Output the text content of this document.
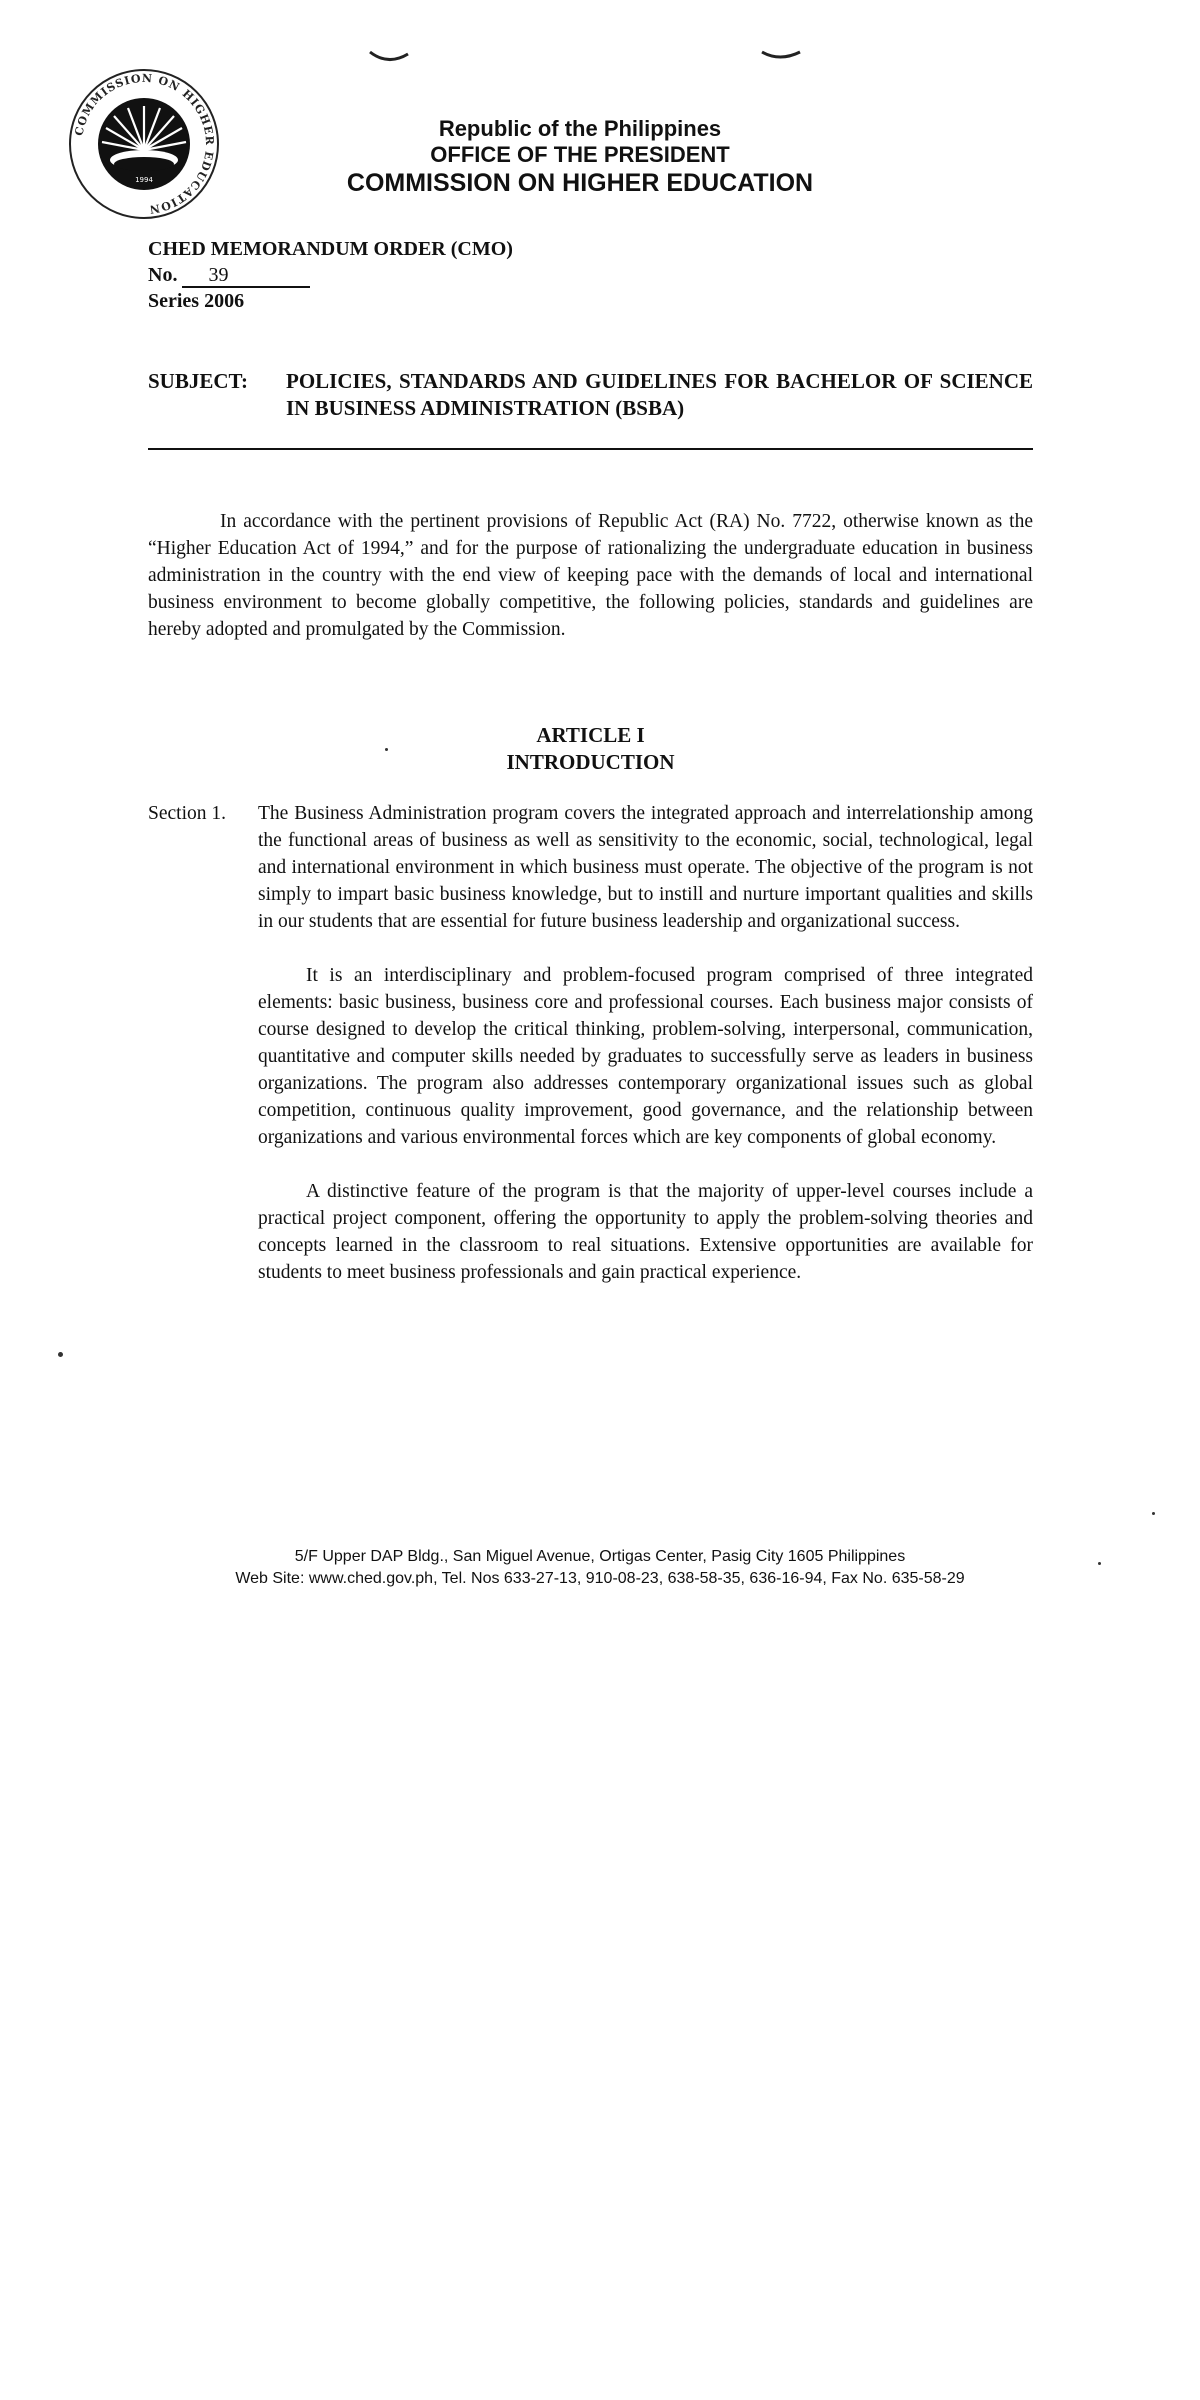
COMMISSION ON HIGHER EDUCATION
1994
Republic of the Philippines
OFFICE OF THE PRESIDENT
COMMISSION ON HIGHER EDUCATION
CHED MEMORANDUM ORDER (CMO)
No. 39
Series 2006
SUBJECT: POLICIES, STANDARDS AND GUIDELINES FOR BACHELOR OF SCIENCE IN BUSINESS ADMINISTRATION (BSBA)
In accordance with the pertinent provisions of Republic Act (RA) No. 7722, otherwise known as the “Higher Education Act of 1994,” and for the purpose of rationalizing the undergraduate education in business administration in the country with the end view of keeping pace with the demands of local and international business environment to become globally competitive, the following policies, standards and guidelines are hereby adopted and promulgated by the Commission.
ARTICLE I
INTRODUCTION
Section 1. The Business Administration program covers the integrated approach and interrelationship among the functional areas of business as well as sensitivity to the economic, social, technological, legal and international environment in which business must operate. The objective of the program is not simply to impart basic business knowledge, but to instill and nurture important qualities and skills in our students that are essential for future business leadership and organizational success.

It is an interdisciplinary and problem-focused program comprised of three integrated elements: basic business, business core and professional courses. Each business major consists of course designed to develop the critical thinking, problem-solving, interpersonal, communication, quantitative and computer skills needed by graduates to successfully serve as leaders in business organizations. The program also addresses contemporary organizational issues such as global competition, continuous quality improvement, good governance, and the relationship between organizations and various environmental forces which are key components of global economy.

A distinctive feature of the program is that the majority of upper-level courses include a practical project component, offering the opportunity to apply the problem-solving theories and concepts learned in the classroom to real situations. Extensive opportunities are available for students to meet business professionals and gain practical experience.

5/F Upper DAP Bldg., San Miguel Avenue, Ortigas Center, Pasig City 1605 Philippines
Web Site: www.ched.gov.ph, Tel. Nos 633-27-13, 910-08-23, 638-58-35, 636-16-94, Fax No. 635-58-29
